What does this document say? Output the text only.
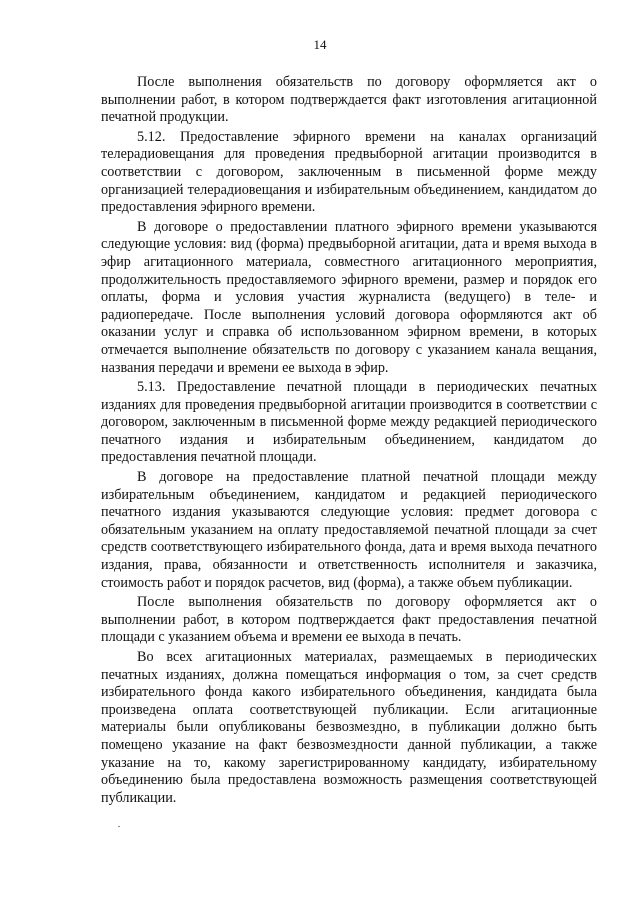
14

После выполнения обязательств по договору оформляется акт о выполнении работ, в котором подтверждается факт изготовления агитационной печатной продукции.

5.12. Предоставление эфирного времени на каналах организаций телерадиовещания для проведения предвыборной агитации производится в соответствии с договором, заключенным в письменной форме между организацией телерадиовещания и избирательным объединением, кандидатом до предоставления эфирного времени.

В договоре о предоставлении платного эфирного времени указываются следующие условия: вид (форма) предвыборной агитации, дата и время выхода в эфир агитационного материала, совместного агитационного мероприятия, продолжительность предоставляемого эфирного времени, размер и порядок его оплаты, форма и условия участия журналиста (ведущего) в теле- и радиопередаче. После выполнения условий договора оформляются акт об оказании услуг и справка об использованном эфирном времени, в которых отмечается выполнение обязательств по договору с указанием канала вещания, названия передачи и времени ее выхода в эфир.

5.13. Предоставление печатной площади в периодических печатных изданиях для проведения предвыборной агитации производится в соответствии с договором, заключенным в письменной форме между редакцией периодического печатного издания и избирательным объединением, кандидатом до предоставления печатной площади.

В договоре на предоставление платной печатной площади между избирательным объединением, кандидатом и редакцией периодического печатного издания указываются следующие условия: предмет договора с обязательным указанием на оплату предоставляемой печатной площади за счет средств соответствующего избирательного фонда, дата и время выхода печатного издания, права, обязанности и ответственность исполнителя и заказчика, стоимость работ и порядок расчетов, вид (форма), а также объем публикации.

После выполнения обязательств по договору оформляется акт о выполнении работ, в котором подтверждается факт предоставления печатной площади с указанием объема и времени ее выхода в печать.

Во всех агитационных материалах, размещаемых в периодических печатных изданиях, должна помещаться информация о том, за счет средств избирательного фонда какого избирательного объединения, кандидата была произведена оплата соответствующей публикации. Если агитационные материалы были опубликованы безвозмездно, в публикации должно быть помещено указание на факт безвозмездности данной публикации, а также указание на то, какому зарегистрированному кандидату, избирательному объединению была предоставлена возможность размещения соответствующей публикации.
